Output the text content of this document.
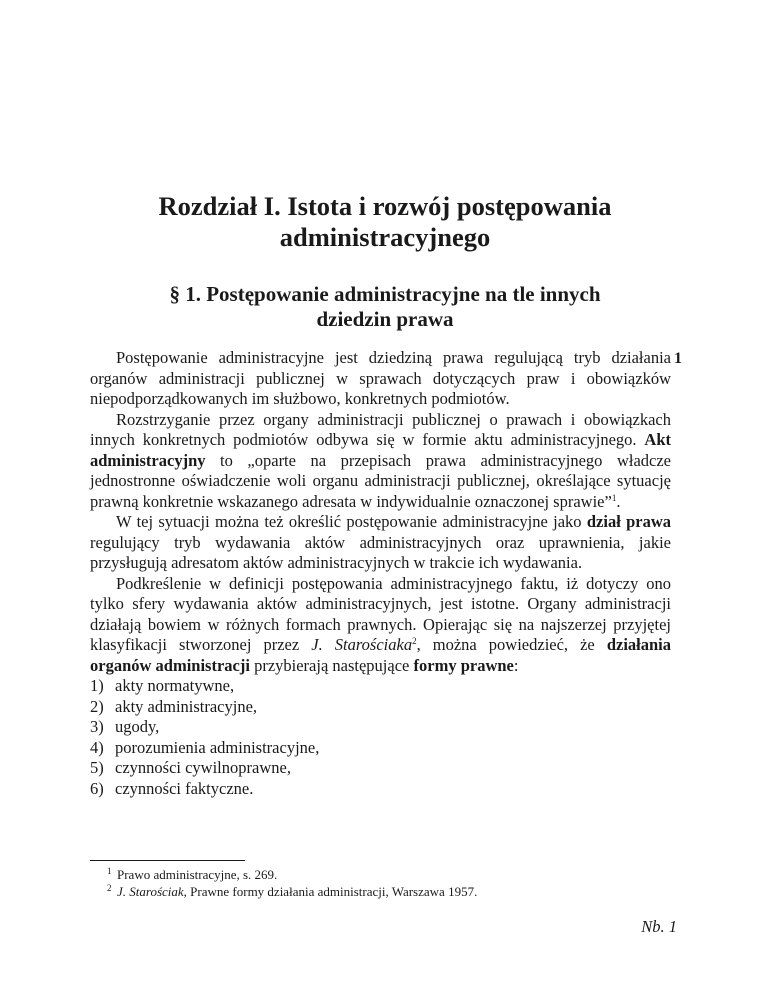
Rozdział I. Istota i rozwój postępowania
administracyjnego
§ 1. Postępowanie administracyjne na tle innych
dziedzin prawa
1

Postępowanie administracyjne jest dziedziną prawa regulującą tryb działania organów administracji publicznej w sprawach dotyczących praw i obowiązków niepodporządkowanych im służbowo, konkretnych podmiotów.

Rozstrzyganie przez organy administracji publicznej o prawach i obowiązkach innych konkretnych podmiotów odbywa się w formie aktu administracyjnego. Akt administracyjny to „oparte na przepisach prawa administracyjnego władcze jednostronne oświadczenie woli organu administracji publicznej, określające sytuację prawną konkretnie wskazanego adresata w indywidualnie oznaczonej sprawie”$^1$.

W tej sytuacji można też określić postępowanie administracyjne jako dział prawa regulujący tryb wydawania aktów administracyjnych oraz uprawnienia, jakie przysługują adresatom aktów administracyjnych w trakcie ich wydawania.

Podkreślenie w definicji postępowania administracyjnego faktu, iż dotyczy ono tylko sfery wydawania aktów administracyjnych, jest istotne. Organy administracji działają bowiem w różnych formach prawnych. Opierając się na najszerzej przyjętej klasyfikacji stworzonej przez J. Starościaka$^2$, można powiedzieć, że działania organów administracji przybierają następujące formy prawne:

1) akty normatywne,
2) akty administracyjne,
3) ugody,
4) porozumienia administracyjne,
5) czynności cywilnoprawne,
6) czynności faktyczne.
1 Prawo administracyjne, s. 269.
2 J. Starościak, Prawne formy działania administracji, Warszawa 1957.
Nb. 1
